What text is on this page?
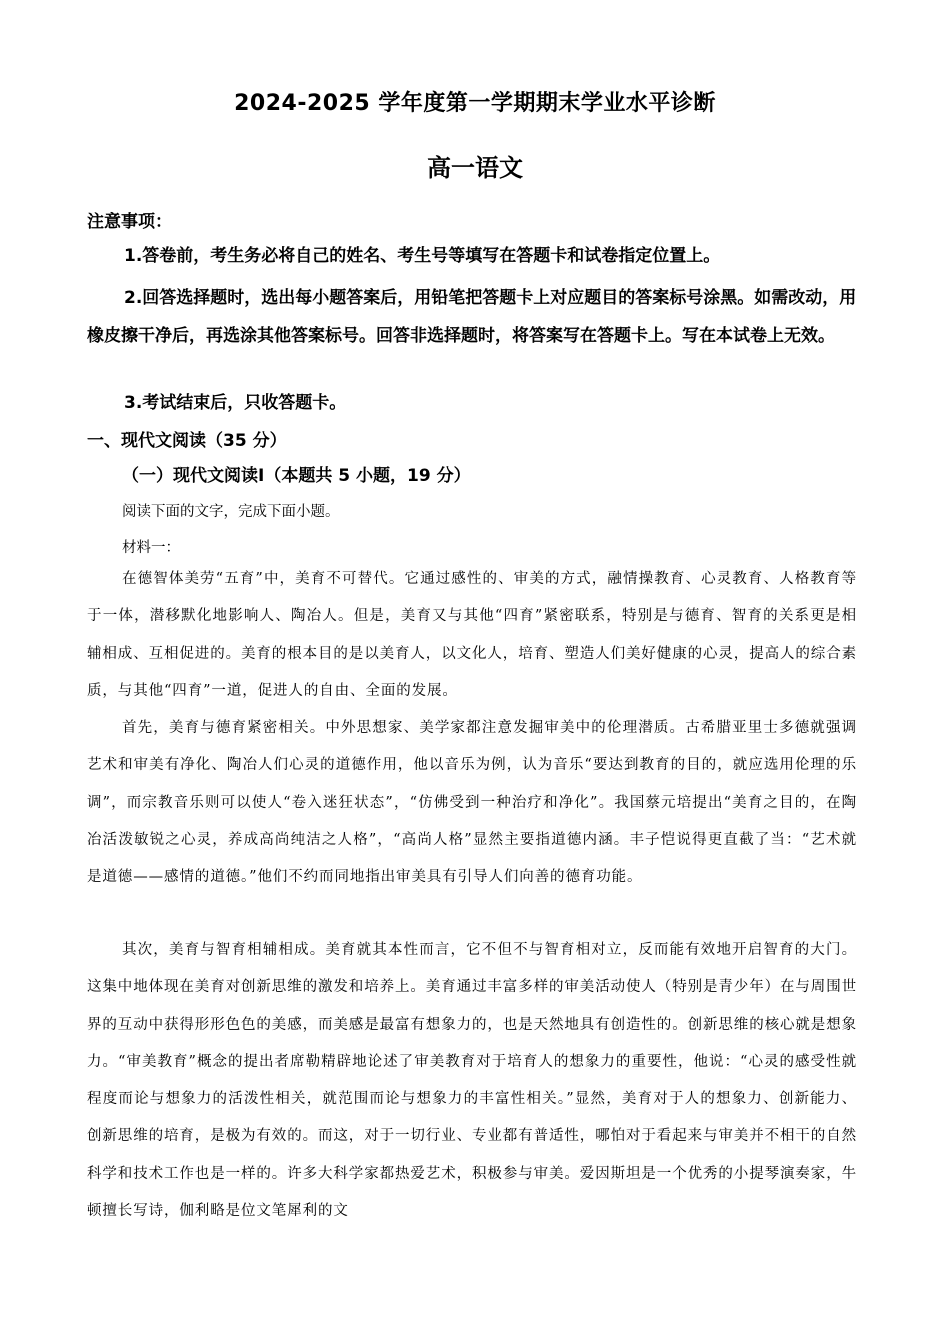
2024-2025 学年度第一学期期末学业水平诊断
高一语文
注意事项：
1.答卷前，考生务必将自己的姓名、考生号等填写在答题卡和试卷指定位置上。
2.回答选择题时，选出每小题答案后，用铅笔把答题卡上对应题目的答案标号涂黑。如需改动，用橡皮擦干净后，再选涂其他答案标号。回答非选择题时，将答案写在答题卡上。写在本试卷上无效。
3.考试结束后，只收答题卡。
一、现代文阅读（35 分）
（一）现代文阅读Ⅰ（本题共 5 小题，19 分）
阅读下面的文字，完成下面小题。
材料一：
在德智体美劳“五育”中，美育不可替代。它通过感性的、审美的方式，融情操教育、心灵教育、人格教育等于一体，潜移默化地影响人、陶冶人。但是，美育又与其他“四育”紧密联系，特别是与德育、智育的关系更是相辅相成、互相促进的。美育的根本目的是以美育人，以文化人，培育、塑造人们美好健康的心灵，提高人的综合素质，与其他“四育”一道，促进人的自由、全面的发展。
首先，美育与德育紧密相关。中外思想家、美学家都注意发掘审美中的伦理潜质。古希腊亚里士多德就强调艺术和审美有净化、陶冶人们心灵的道德作用，他以音乐为例，认为音乐“要达到教育的目的，就应选用伦理的乐调”，而宗教音乐则可以使人“卷入迷狂状态”，“仿佛受到一种治疗和净化”。我国蔡元培提出“美育之目的，在陶冶活泼敏锐之心灵，养成高尚纯洁之人格”，“高尚人格”显然主要指道德内涵。丰子恺说得更直截了当：“艺术就是道德——感情的道德。”他们不约而同地指出审美具有引导人们向善的德育功能。
其次，美育与智育相辅相成。美育就其本性而言，它不但不与智育相对立，反而能有效地开启智育的大门。这集中地体现在美育对创新思维的激发和培养上。美育通过丰富多样的审美活动使人（特别是青少年）在与周围世界的互动中获得形形色色的美感，而美感是最富有想象力的，也是天然地具有创造性的。创新思维的核心就是想象力。“审美教育”概念的提出者席勒精辟地论述了审美教育对于培育人的想象力的重要性，他说：“心灵的感受性就程度而论与想象力的活泼性相关，就范围而论与想象力的丰富性相关。”显然，美育对于人的想象力、创新能力、创新思维的培育，是极为有效的。而这，对于一切行业、专业都有普适性，哪怕对于看起来与审美并不相干的自然科学和技术工作也是一样的。许多大科学家都热爱艺术，积极参与审美。爱因斯坦是一个优秀的小提琴演奏家，牛顿擅长写诗，伽利略是位文笔犀利的文
